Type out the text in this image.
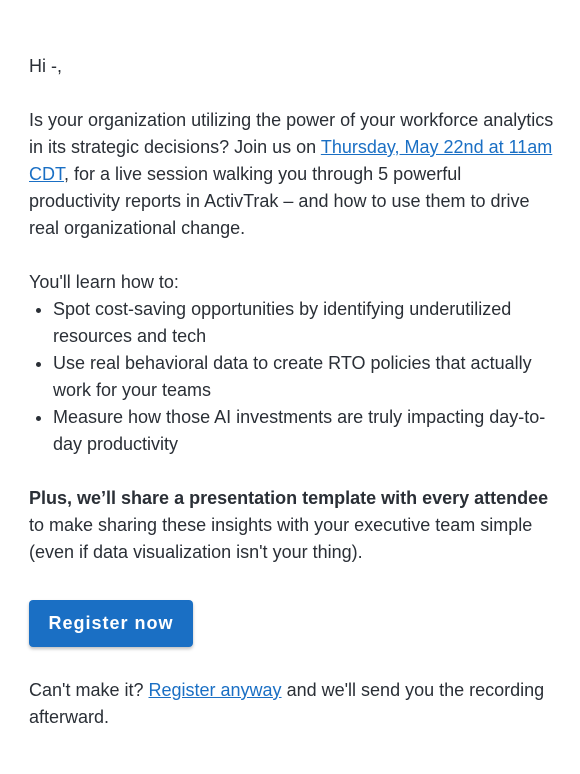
Hi -,

Is your organization utilizing the power of your workforce analytics in its strategic decisions? Join us on Thursday, May 22nd at 11am CDT, for a live session walking you through 5 powerful productivity reports in ActivTrak – and how to use them to drive real organizational change.

You'll learn how to:

• Spot cost-saving opportunities by identifying underutilized resources and tech
• Use real behavioral data to create RTO policies that actually work for your teams
• Measure how those AI investments are truly impacting day-to-day productivity

Plus, we’ll share a presentation template with every attendee to make sharing these insights with your executive team simple (even if data visualization isn't your thing).

Register now

Can't make it? Register anyway and we'll send you the recording afterward.
